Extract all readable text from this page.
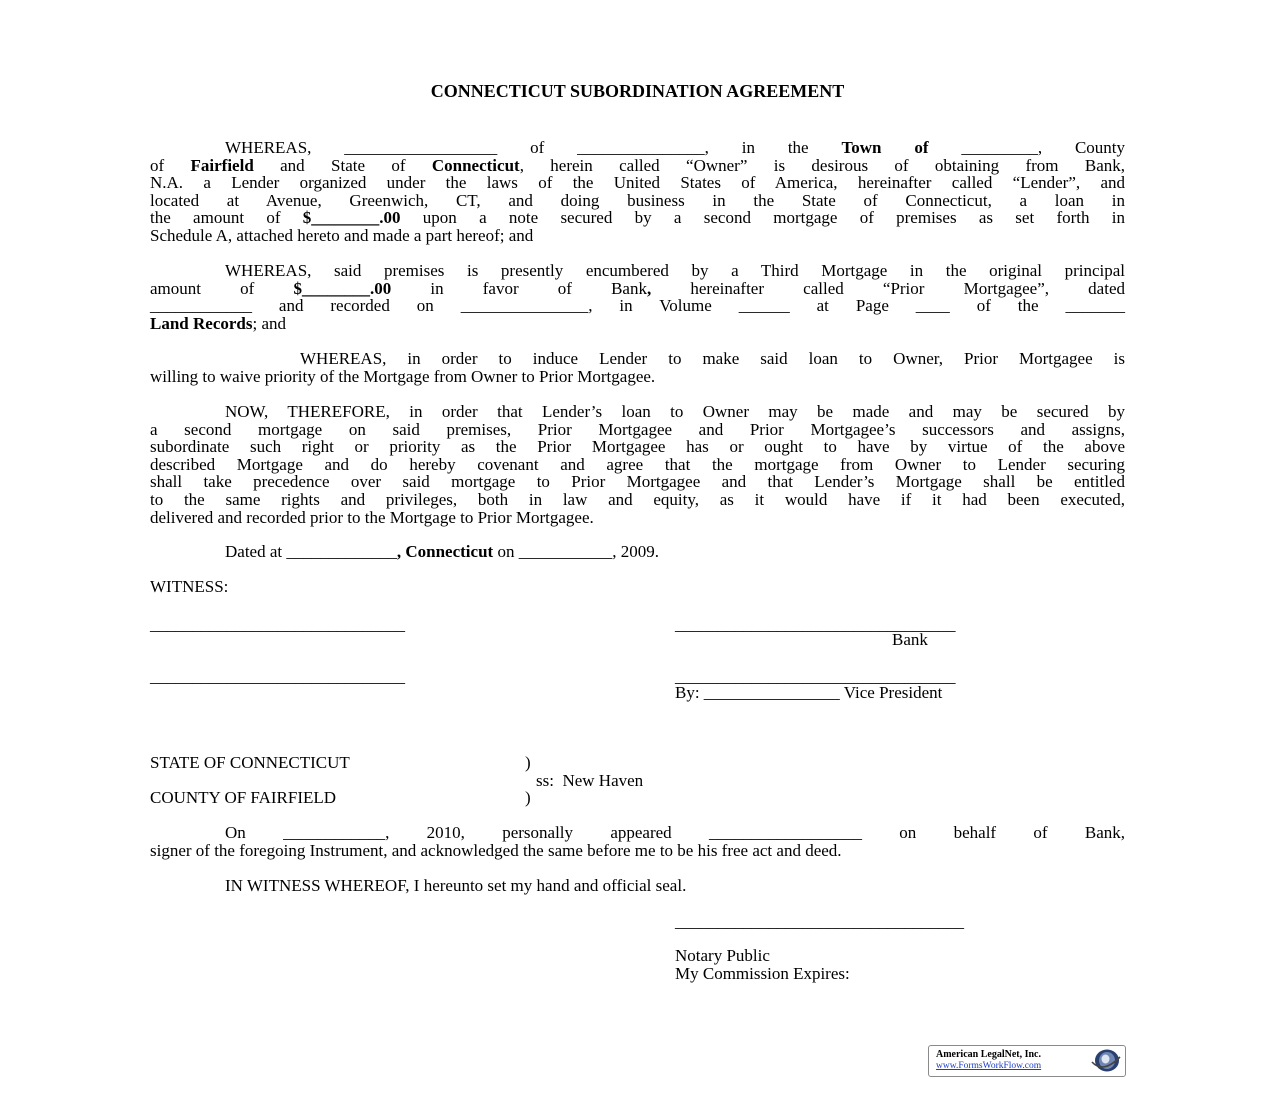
CONNECTICUT SUBORDINATION AGREEMENT
WHEREAS, __________________ of _______________, in the Town of _________, County
of Fairfield and State of Connecticut, herein called “Owner” is desirous of obtaining from Bank,
N.A. a Lender organized under the laws of the United States of America, hereinafter called “Lender”, and
located at Avenue, Greenwich, CT, and doing business in the State of Connecticut, a loan in
the amount of $________.00 upon a note secured by a second mortgage of premises as set forth in
Schedule A, attached hereto and made a part hereof; and
WHEREAS, said premises is presently encumbered by a Third Mortgage in the original principal
amount of $________.00 in favor of Bank, hereinafter called “Prior Mortgagee”, dated
____________ and recorded on _______________, in Volume ______ at Page ____ of the _______
Land Records; and
WHEREAS, in order to induce Lender to make said loan to Owner, Prior Mortgagee is
willing to waive priority of the Mortgage from Owner to Prior Mortgagee.
NOW, THEREFORE, in order that Lender’s loan to Owner may be made and may be secured by
a second mortgage on said premises, Prior Mortgagee and Prior Mortgagee’s successors and assigns,
subordinate such right or priority as the Prior Mortgagee has or ought to have by virtue of the above
described Mortgage and do hereby covenant and agree that the mortgage from Owner to Lender securing
shall take precedence over said mortgage to Prior Mortgagee and that Lender’s Mortgage shall be entitled
to the same rights and privileges, both in law and equity, as it would have if it had been executed,
delivered and recorded prior to the Mortgage to Prior Mortgagee.
Dated at _____________, Connecticut on ___________, 2009.
WITNESS:
______________________________	_________________________________
Bank
______________________________	_________________________________
By: ________________ Vice President
STATE OF CONNECTICUT	)
ss:  New Haven
COUNTY OF FAIRFIELD	)
On ____________, 2010, personally appeared __________________ on behalf of Bank,
signer of the foregoing Instrument, and acknowledged the same before me to be his free act and deed.
IN WITNESS WHEREOF, I hereunto set my hand and official seal.
__________________________________
Notary Public
My Commission Expires:
American LegalNet, Inc.
www.FormsWorkFlow.com
